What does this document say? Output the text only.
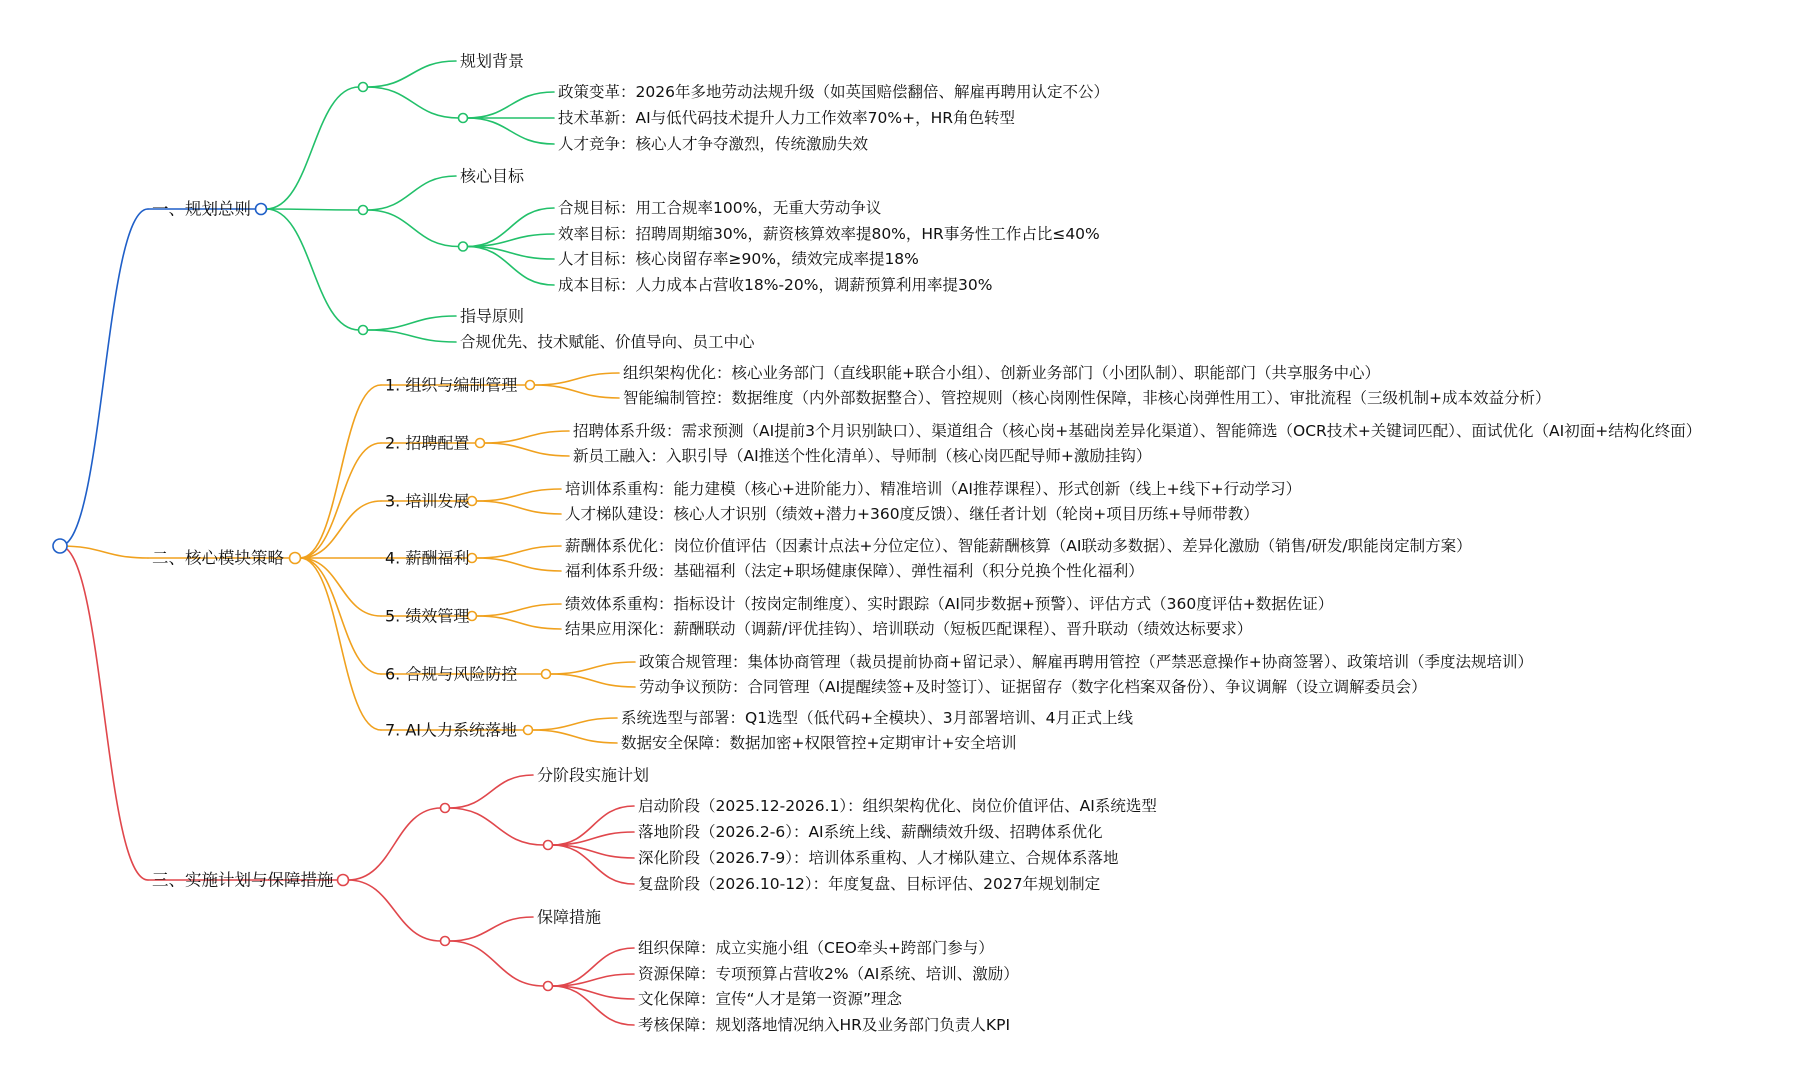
一、规划总则
规划背景
政策变革：2026年多地劳动法规升级（如英国赔偿翻倍、解雇再聘用认定不公）
技术革新：AI与低代码技术提升人力工作效率70%+，HR角色转型
人才竞争：核心人才争夺激烈，传统激励失效
核心目标
合规目标：用工合规率100%，无重大劳动争议
效率目标：招聘周期缩30%，薪资核算效率提80%，HR事务性工作占比≤40%
人才目标：核心岗留存率≥90%，绩效完成率提18%
成本目标：人力成本占营收18%-20%，调薪预算利用率提30%
指导原则
合规优先、技术赋能、价值导向、员工中心
二、核心模块策略
1. 组织与编制管理
组织架构优化：核心业务部门（直线职能+联合小组）、创新业务部门（小团队制）、职能部门（共享服务中心）
智能编制管控：数据维度（内外部数据整合）、管控规则（核心岗刚性保障，非核心岗弹性用工）、审批流程（三级机制+成本效益分析）
2. 招聘配置
招聘体系升级：需求预测（AI提前3个月识别缺口）、渠道组合（核心岗+基础岗差异化渠道）、智能筛选（OCR技术+关键词匹配）、面试优化（AI初面+结构化终面）
新员工融入：入职引导（AI推送个性化清单）、导师制（核心岗匹配导师+激励挂钩）
3. 培训发展
培训体系重构：能力建模（核心+进阶能力）、精准培训（AI推荐课程）、形式创新（线上+线下+行动学习）
人才梯队建设：核心人才识别（绩效+潜力+360度反馈）、继任者计划（轮岗+项目历练+导师带教）
4. 薪酬福利
薪酬体系优化：岗位价值评估（因素计点法+分位定位）、智能薪酬核算（AI联动多数据）、差异化激励（销售/研发/职能岗定制方案）
福利体系升级：基础福利（法定+职场健康保障）、弹性福利（积分兑换个性化福利）
5. 绩效管理
绩效体系重构：指标设计（按岗定制维度）、实时跟踪（AI同步数据+预警）、评估方式（360度评估+数据佐证）
结果应用深化：薪酬联动（调薪/评优挂钩）、培训联动（短板匹配课程）、晋升联动（绩效达标要求）
6. 合规与风险防控
政策合规管理：集体协商管理（裁员提前协商+留记录）、解雇再聘用管控（严禁恶意操作+协商签署）、政策培训（季度法规培训）
劳动争议预防：合同管理（AI提醒续签+及时签订）、证据留存（数字化档案双备份）、争议调解（设立调解委员会）
7. AI人力系统落地
系统选型与部署：Q1选型（低代码+全模块）、3月部署培训、4月正式上线
数据安全保障：数据加密+权限管控+定期审计+安全培训
三、实施计划与保障措施
分阶段实施计划
启动阶段（2025.12-2026.1）：组织架构优化、岗位价值评估、AI系统选型
落地阶段（2026.2-6）：AI系统上线、薪酬绩效升级、招聘体系优化
深化阶段（2026.7-9）：培训体系重构、人才梯队建立、合规体系落地
复盘阶段（2026.10-12）：年度复盘、目标评估、2027年规划制定
保障措施
组织保障：成立实施小组（CEO牵头+跨部门参与）
资源保障：专项预算占营收2%（AI系统、培训、激励）
文化保障：宣传“人才是第一资源”理念
考核保障：规划落地情况纳入HR及业务部门负责人KPI
